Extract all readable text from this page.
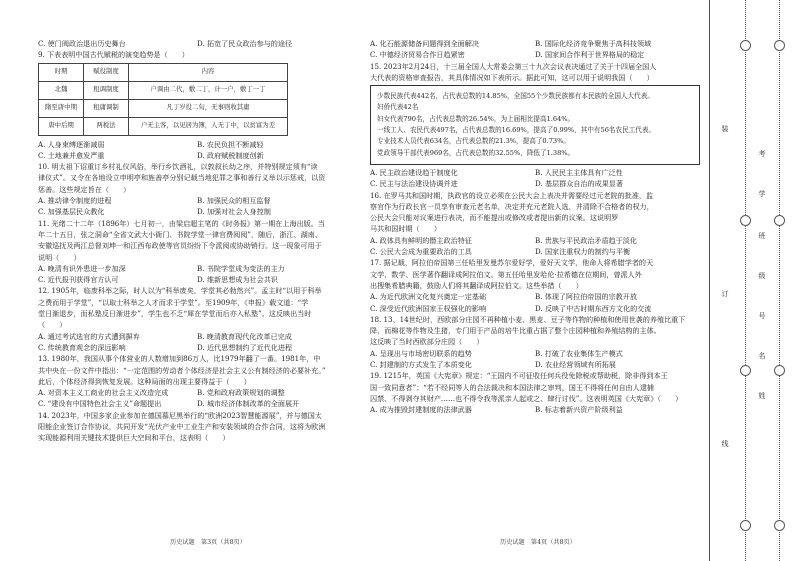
C. 使门阀政治退出历史舞台	D. 拓宽了民众政治参与的途径
9. 下表表明中国古代赋税的演变趋势是（　　）
时期	赋役制度	内容
北魏	租调制度	户调由二代，敷二丁，计一户，敷丁一丁
隋至唐中期	租庸调制	凡丁岁役二旬，无事则收其庸
唐中后期	两税法	户无主客，以见居为簿，人无丁中，以贫富为差
A. 人身束缚逐渐减弱	B. 农民负担不断减轻
C. 土地兼并愈发严重	D. 政府赋税制度创新
10. 明太祖下诏重订乡村礼仪风俗，举行乡饮酒礼，以敦叙长幼之序，并特别规定须有“读
律仪式”。又令在各地设立申明亭和旌善亭分别记载当地犯罪之事和善行义举以示惩戒，以资
惩善。这些规定旨在（　　）
A. 推动律令制度的进程	B. 加强民众的相互监督
C. 加强基层民众教化	D. 加强对社会人身控制
11. 光绪二十二年（1896年）七月初一，由梁启超主笔的《时务报》第一期在上海出版。当
年二十五日，张之洞命“全省文武大小衙门、书院学堂一律官费阅阅”，随后，浙江、湖南、
安徽巡抚及两江总督刘坤一和江西布政使等官员纷纷下令派阅或协助销行。这一现象可用于
说明（　　）
A. 晚清有识外患进一步加深	B. 书院学堂成为变法的主力
C. 近代报刊获得官方认可	D. 维新思想成为社会共识
12. 1905年，临废科举之际，时人以为“科举废矣，学堂其必勃然兴”。孟主时“以用于科举
之费而用于学堂”，“以取士科举之人才而求于学堂”。至1909年，《申报》载文道：“学
堂日渐退步，而私塾反日渐进步”，学生也不乏“犀在学堂而后亦入私塾”。这反映出当时
（　　）
A. 通过考试选官的方式遭到摒弃	B. 晚清教育现代化改革已完成
C. 传统教育观念的深远影响	D. 近代思想制约了近代化进程
13. 1980年，我国从事个体营业的人数增加到86万人，比1979年翻了一番。1981年，中
共中央在一份文件中指出：“一定范围的劳动者个体经济是社会主义公有制经济的必要补充。”
此后，个体经济得到恢复发展。这种局面的出现主要得益于（　　）
A. 对资本主义工商业的社会主义改造完成	B. 党和政府政策规划的调整
C. “建设有中国特色社会主义”命题提出	D. 城市经济体制改革的全面展开
14. 2023年，中国多家企业参加在德国慕尼黑举行的“欧洲2023智慧能源展”，并与德国太
阳能企业签订合作协议，共同开发“光伏产业中工业生产和安装领域的合作合同，这将为欧洲
实现能源利用关键技术提供巨大空间和平台，这表明（　　）
A. 化石能源储备问题得到全面解决	B. 国际化经济竞争聚焦于高科技领域
C. 中德经济贸易合作日趋紧密	D. 国家间合作利于世界格局的稳定
15. 2023年2月24日，十三届全国人大常委会第三十九次会议表决通过了关于十四届全国人
大代表的资格审查报告，其具体情况如下表所示。据此可知，这可以用于说明我国（　　）
少数民族代表442名，占代表总数的14.85%，全国55个少数民族都有本民族的全国人大代表。
妇侨代表42名
妇女代表790名，占代表总数的26.54%，为上届相比提高1.64%。
一线工人、农民代表497名，占代表总数的16.69%，提高了0.99%，其中有56名农民工代表。
专业技术人员代表634名，占代表总数的21.3%，提高了0.73%。
党政领导干部代表969名，占代表总数的32.55%，降低了1.38%。
A. 民主政治建设趋于制度化	B. 人民民主主体具有广泛性
C. 民主与法治建设协调并进	D. 基层群众自治的成果显著
16. 在罗马共和国时期，执政官的设立必须在公民大会上表决并需要经过元老院的批准，监
察官作为行政长官一员享有审查元老名单，决定并充元老院人选，并清除不合格者的权力，
公民大会只能对议案进行表决，而不能提出或修改或者提出新的议案。这说明罗
马共和国时期（　　）
A. 政体具有鲜明的僭主政治特征	B. 贵族与平民政治矛盾趋于淡化
C. 公民大会成为重要政治的工具	D. 国家注重权力的制约与平衡
17. 据记载，阿拉伯帝国第三任哈里发曼苏尔爱好学，爱好天文学，他命人将希腊学者的天
文学、数学、医学著作翻译成阿拉伯文。第五任哈里发哈伦·拉希德在位期间，曾派人外
出搜集希腊典籍，鼓励人们将其翻译成阿拉伯文。这些举措（　　）
A. 为近代欧洲文化复兴奠定一定基础	B. 体现了阿拉伯帝国的宗教开放
C. 深受近代欧洲国家王权强化的影响	D. 反映了中古时期东西方文化的交流
18. 13、14世纪时，西欧部分庄园不再种植小麦、黑麦、豆子等作物的种植和使用世袭的养殖比重下
降，而棉花等作物及生猪，专门用于产品的培牛比重占据了整个庄园种植和养殖结构的主体。
这反映了当时西欧部分庄园（　　）
A. 呈现出与市场密切联系的趋势	B. 打破了农业集体生产模式
C. 封建制的方式发生了本质变化	D. 农业经营领域有所拓展
19. 1215年，英国《大宪章》规定：“王国内不可征收任何兵役免除税或帮助税，除非得到本王
国一致同意者”；“若不经同等人的合法裁决和本国法律之审判，国王不得将任何自由人逮捕
囚禁、不得剥夺其财产……也不得令我等派亲人起或之、肆行讨伐”。这表明英国《大宪章》（　　）
A. 成为推毁封建制度的法律武器	B. 标志着新兴资产阶级利益
历史试题　第3页（共8页）	历史试题　第4页（共8页）
装
订
线
考
学
班
级
号
名
姓
